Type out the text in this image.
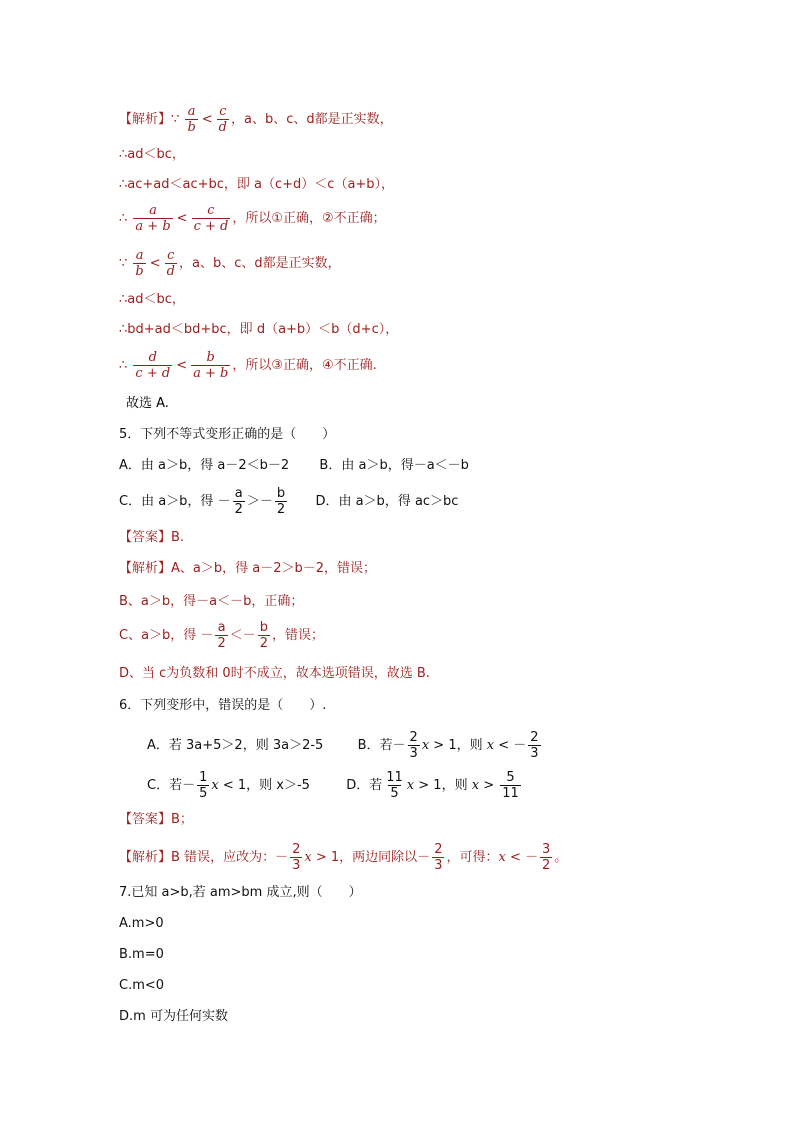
【解析】∵ $\frac{a}{b} < \frac{c}{d}$ ，a、b、c、d都是正实数，
∴ad＜bc，
∴ac+ad＜ac+bc，即 a（c+d）＜c（a+b），
∴ $\frac{a}{a + b} < \frac{c}{c + d}$ ，所以①正确，②不正确；
∵ $\frac{a}{b} < \frac{c}{d}$ ，a、b、c、d都是正实数，
∴ad＜bc，
∴bd+ad＜bd+bc，即 d（a+b）＜b（d+c），
∴ $\frac{d}{c + d} < \frac{b}{a + b}$ ，所以③正确，④不正确.
故选 A.
5．下列不等式变形正确的是（　　）
A．由 a＞b，得 a－2＜b－2 B．由 a＞b，得－a＜－b
C．由 a＞b，得 － $\frac{a}{2} >- \frac{b}{2}$ D．由 a＞b，得 ac＞bc
【答案】B.
【解析】A、a＞b，得 a－2＞b－2，错误；
B、a＞b，得－a＜－b，正确；
C、a＞b，得 － $\frac{a}{2} <- \frac{b}{2}$ ，错误；
D、当 c为负数和 0时不成立，故本选项错误，故选 B.
6．下列变形中，错误的是（　　）.
A．若 3a+5＞2，则 3a＞2-5	B．若－ $\frac{2}{3}$ x > 1，则 x < － $\frac{2}{3}$
C．若－ $\frac{1}{5}$ x < 1，则 x＞-5	D．若 $\frac{11}{5}$ x > 1，则 $x > \frac{5}{11}$
【答案】B；
【解析】B 错误，应改为：－ $\frac{2}{3}$ x > 1，两边同除以－ $\frac{2}{3}$ ，可得：x < － $\frac{3}{2}$ 。
7.已知 a>b,若 am>bm 成立,则（　　）
A.m>0
B.m=0
C.m<0
D.m 可为任何实数
